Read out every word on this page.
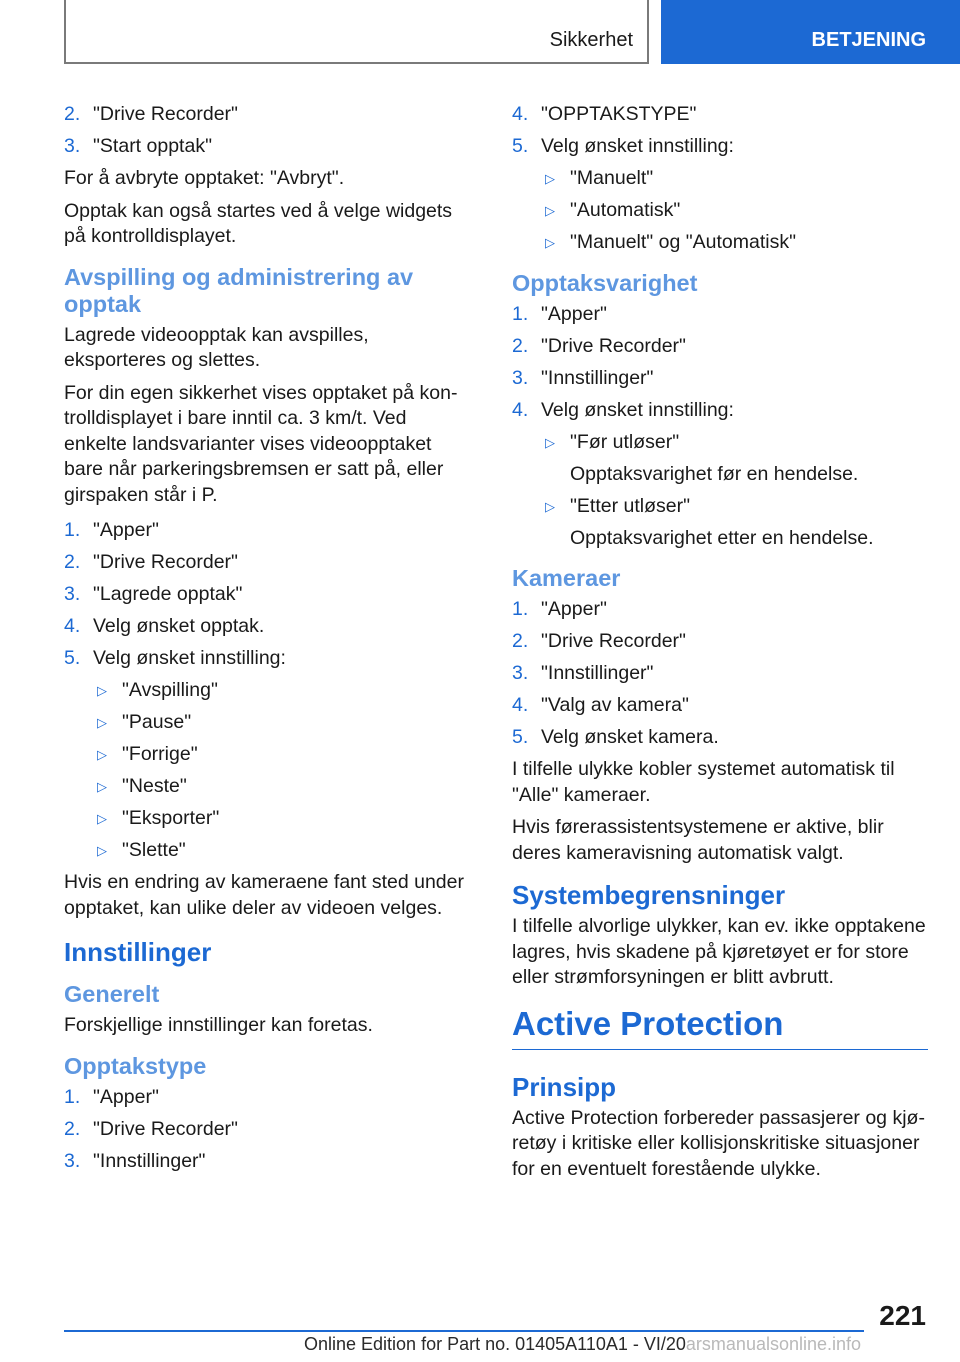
Sikkerhet	BETJENING
2. "Drive Recorder"
3. "Start opptak"

For å avbryte opptaket: "Avbryt".

Opptak kan også startes ved å velge widgets på kontrolldisplayet.

Avspilling og administrering av opptak

Lagrede videoopptak kan avspilles, eksporteres og slettes.

For din egen sikkerhet vises opptaket på kontrolldisplayet i bare inntil ca. 3 km/t. Ved enkelte landsvarianter vises videoopptaket bare når parkeringsbremsen er satt på, eller girspaken står i P.

1. "Apper"
2. "Drive Recorder"
3. "Lagrede opptak"
4. Velg ønsket opptak.
5. Velg ønsket innstilling:
▷ "Avspilling"
▷ "Pause"
▷ "Forrige"
▷ "Neste"
▷ "Eksporter"
▷ "Slette"

Hvis en endring av kameraene fant sted under opptaket, kan ulike deler av videoen velges.

Innstillinger
Generelt

Forskjellige innstillinger kan foretas.

Opptakstype
1. "Apper"
2. "Drive Recorder"
3. "Innstillinger"
4. "OPPTAKSTYPE"
5. Velg ønsket innstilling:
▷ "Manuelt"
▷ "Automatisk"
▷ "Manuelt" og "Automatisk"
Opptaksvarighet
1. "Apper"
2. "Drive Recorder"
3. "Innstillinger"
4. Velg ønsket innstilling:
▷ "Før utløser"
Opptaksvarighet før en hendelse.
▷ "Etter utløser"
Opptaksvarighet etter en hendelse.
Kameraer
1. "Apper"
2. "Drive Recorder"
3. "Innstillinger"
4. "Valg av kamera"
5. Velg ønsket kamera.

I tilfelle ulykke kobler systemet automatisk til "Alle" kameraer.

Hvis førerassistentsystemene er aktive, blir deres kameravisning automatisk valgt.

Systembegrensninger

I tilfelle alvorlige ulykker, kan ev. ikke opptakene lagres, hvis skadene på kjøretøyet er for store eller strømforsyningen er blitt avbrutt.

Active Protection
Prinsipp

Active Protection forbereder passasjerer og kjøretøy i kritiske eller kollisjonskritiske situasjoner for en eventuelt forestående ulykke.

221
Online Edition for Part no. 01405A110A1 - VI/20arsmanualsonline.info
